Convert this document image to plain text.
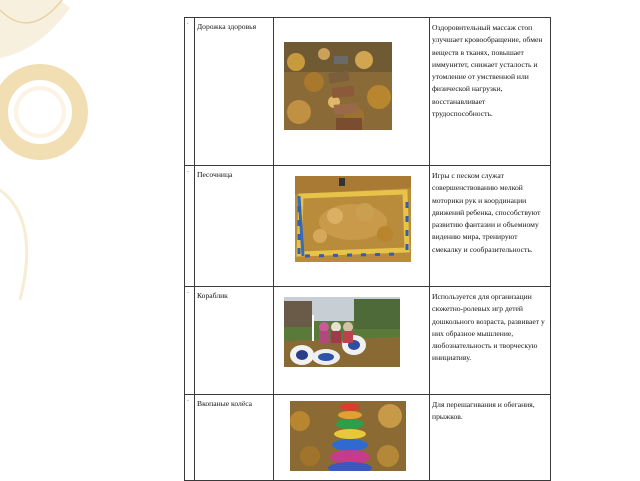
.	Дорожка здоровья		Оздоровительный массаж стоп улучшает кровообращение, обмен веществ в тканях, повышает иммунитет, снижает усталость и утомление от умственной или физической нагрузки, восстанавливает трудоспособность.

.	Песочница		Игры с песком служат совершенствованию мелкой моторики рук и координации движений ребенка, способствуют развитию фантазии и объемному видению мира, тренируют смекалку и сообразительность.

.	Кораблик		Используется для организации сюжетно-ролевых игр детей дошкольного возраста, развивает у них образное мышление, любознательность и творческую инициативу.

.	Вкопаные колёса		Для перешагивания и обегания, прыжков.
